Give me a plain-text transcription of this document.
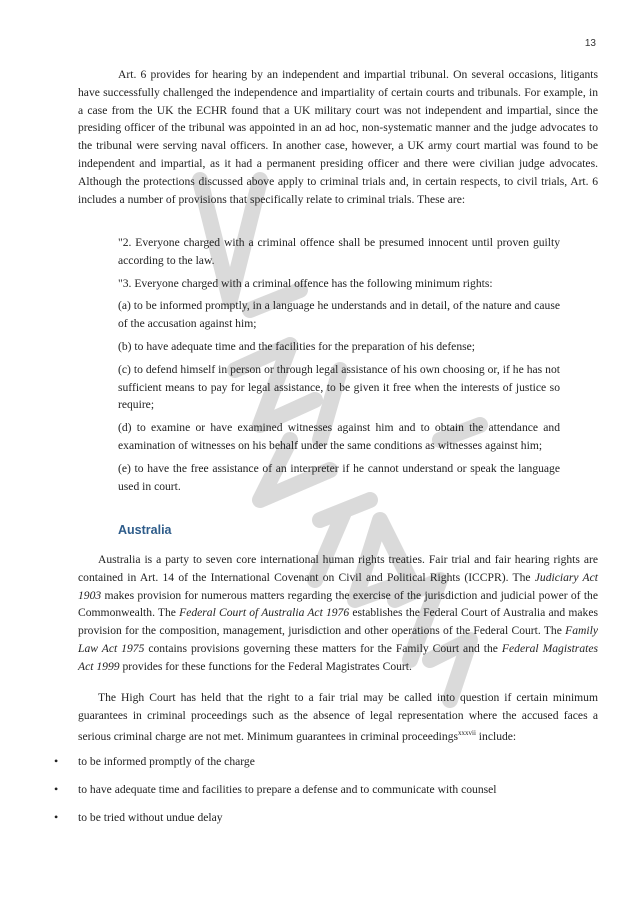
13

Art. 6 provides for hearing by an independent and impartial tribunal. On several occasions, litigants have successfully challenged the independence and impartiality of certain courts and tribunals. For example, in a case from the UK the ECHR found that a UK military court was not independent and impartial, since the presiding officer of the tribunal was appointed in an ad hoc, non-systematic manner and the judge advocates to the tribunal were serving naval officers. In another case, however, a UK army court martial was found to be independent and impartial, as it had a permanent presiding officer and there were civilian judge advocates. Although the protections discussed above apply to criminal trials and, in certain respects, to civil trials, Art. 6 includes a number of provisions that specifically relate to criminal trials. These are:

"2. Everyone charged with a criminal offence shall be presumed innocent until proven guilty according to the law.

"3. Everyone charged with a criminal offence has the following minimum rights:

(a) to be informed promptly, in a language he understands and in detail, of the nature and cause of the accusation against him;

(b) to have adequate time and the facilities for the preparation of his defense;

(c) to defend himself in person or through legal assistance of his own choosing or, if he has not sufficient means to pay for legal assistance, to be given it free when the interests of justice so require;

(d) to examine or have examined witnesses against him and to obtain the attendance and examination of witnesses on his behalf under the same conditions as witnesses against him;

(e) to have the free assistance of an interpreter if he cannot understand or speak the language used in court.

Australia

Australia is a party to seven core international human rights treaties. Fair trial and fair hearing rights are contained in Art. 14 of the International Covenant on Civil and Political Rights (ICCPR). The Judiciary Act 1903 makes provision for numerous matters regarding the exercise of the jurisdiction and judicial power of the Commonwealth. The Federal Court of Australia Act 1976 establishes the Federal Court of Australia and makes provision for the composition, management, jurisdiction and other operations of the Federal Court. The Family Law Act 1975 contains provisions governing these matters for the Family Court and the Federal Magistrates Act 1999 provides for these functions for the Federal Magistrates Court.

The High Court has held that the right to a fair trial may be called into question if certain minimum guarantees in criminal proceedings such as the absence of legal representation where the accused faces a serious criminal charge are not met. Minimum guarantees in criminal proceedings$^{xxxvii}$ include:

• to be informed promptly of the charge
• to have adequate time and facilities to prepare a defense and to communicate with counsel
• to be tried without undue delay
